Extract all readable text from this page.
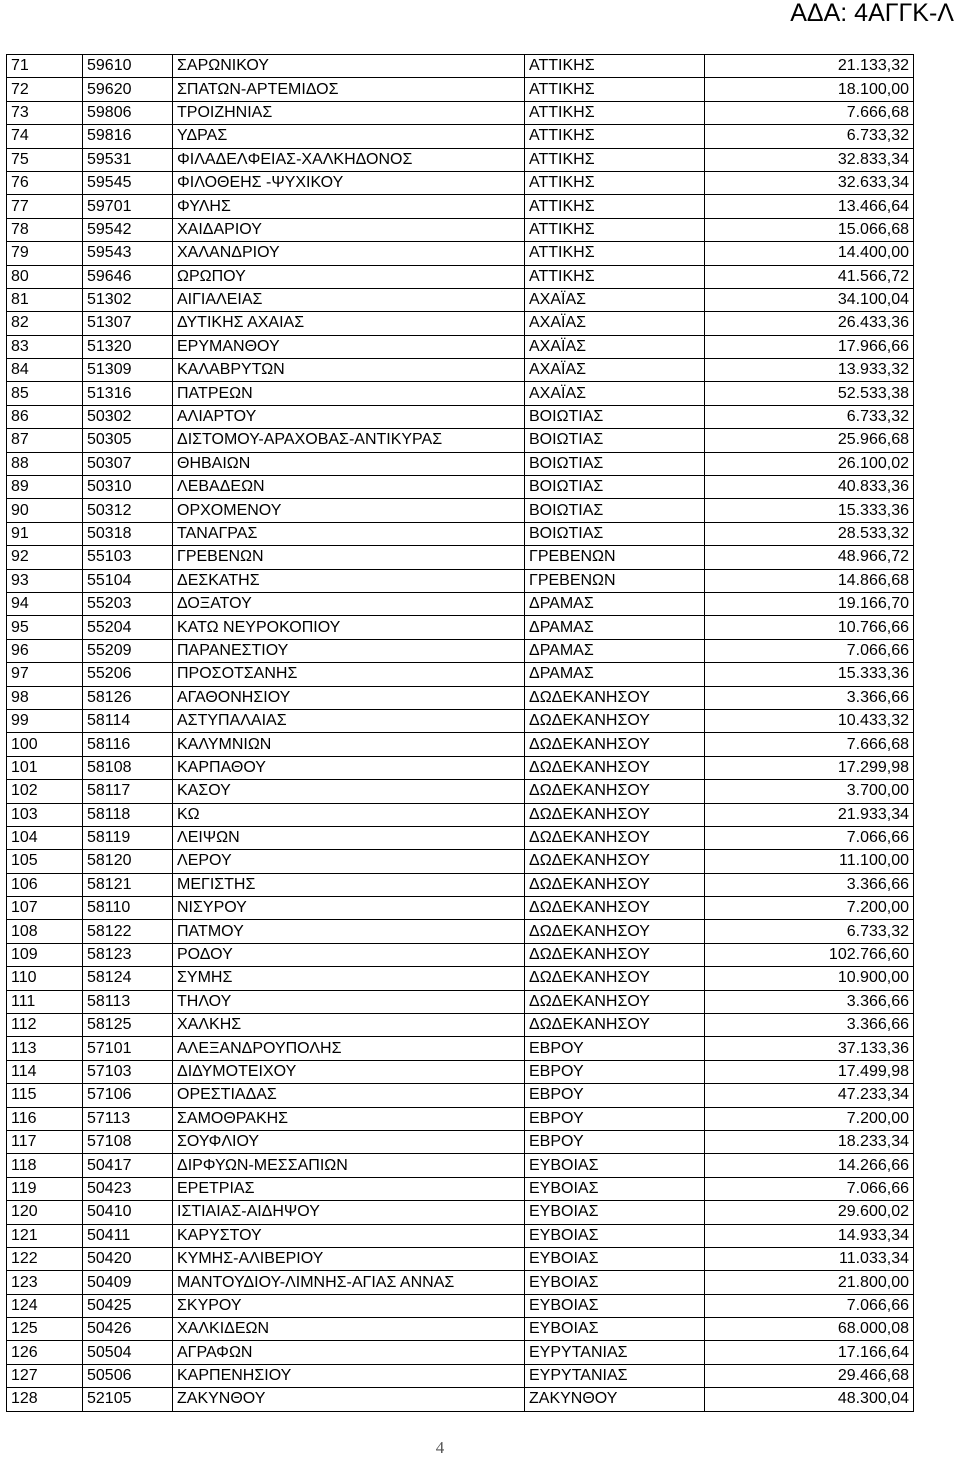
ΑΔΑ: 4ΑΓΓΚ-Λ
71	59610	ΣΑΡΩΝΙΚΟΥ	ΑΤΤΙΚΗΣ	21.133,32
72	59620	ΣΠΑΤΩΝ-ΑΡΤΕΜΙΔΟΣ	ΑΤΤΙΚΗΣ	18.100,00
73	59806	ΤΡΟΙΖΗΝΙΑΣ	ΑΤΤΙΚΗΣ	7.666,68
74	59816	ΥΔΡΑΣ	ΑΤΤΙΚΗΣ	6.733,32
75	59531	ΦΙΛΑΔΕΛΦΕΙΑΣ-ΧΑΛΚΗΔΟΝΟΣ	ΑΤΤΙΚΗΣ	32.833,34
76	59545	ΦΙΛΟΘΕΗΣ -ΨΥΧΙΚΟΥ	ΑΤΤΙΚΗΣ	32.633,34
77	59701	ΦΥΛΗΣ	ΑΤΤΙΚΗΣ	13.466,64
78	59542	ΧΑΙΔΑΡΙΟΥ	ΑΤΤΙΚΗΣ	15.066,68
79	59543	ΧΑΛΑΝΔΡΙΟΥ	ΑΤΤΙΚΗΣ	14.400,00
80	59646	ΩΡΩΠΟΥ	ΑΤΤΙΚΗΣ	41.566,72
81	51302	ΑΙΓΙΑΛΕΙΑΣ	ΑΧΑΪΑΣ	34.100,04
82	51307	ΔΥΤΙΚΗΣ ΑΧΑΙΑΣ	ΑΧΑΪΑΣ	26.433,36
83	51320	ΕΡΥΜΑΝΘΟΥ	ΑΧΑΪΑΣ	17.966,66
84	51309	ΚΑΛΑΒΡΥΤΩΝ	ΑΧΑΪΑΣ	13.933,32
85	51316	ΠΑΤΡΕΩΝ	ΑΧΑΪΑΣ	52.533,38
86	50302	ΑΛΙΑΡΤΟΥ	ΒΟΙΩΤΙΑΣ	6.733,32
87	50305	ΔΙΣΤΟΜΟΥ-ΑΡΑΧΟΒΑΣ-ΑΝΤΙΚΥΡΑΣ	ΒΟΙΩΤΙΑΣ	25.966,68
88	50307	ΘΗΒΑΙΩΝ	ΒΟΙΩΤΙΑΣ	26.100,02
89	50310	ΛΕΒΑΔΕΩΝ	ΒΟΙΩΤΙΑΣ	40.833,36
90	50312	ΟΡΧΟΜΕΝΟΥ	ΒΟΙΩΤΙΑΣ	15.333,36
91	50318	ΤΑΝΑΓΡΑΣ	ΒΟΙΩΤΙΑΣ	28.533,32
92	55103	ΓΡΕΒΕΝΩΝ	ΓΡΕΒΕΝΩΝ	48.966,72
93	55104	ΔΕΣΚΑΤΗΣ	ΓΡΕΒΕΝΩΝ	14.866,68
94	55203	ΔΟΞΑΤΟΥ	ΔΡΑΜΑΣ	19.166,70
95	55204	ΚΑΤΩ ΝΕΥΡΟΚΟΠΙΟΥ	ΔΡΑΜΑΣ	10.766,66
96	55209	ΠΑΡΑΝΕΣΤΙΟΥ	ΔΡΑΜΑΣ	7.066,66
97	55206	ΠΡΟΣΟΤΣΑΝΗΣ	ΔΡΑΜΑΣ	15.333,36
98	58126	ΑΓΑΘΟΝΗΣΙΟΥ	ΔΩΔΕΚΑΝΗΣΟΥ	3.366,66
99	58114	ΑΣΤΥΠΑΛΑΙΑΣ	ΔΩΔΕΚΑΝΗΣΟΥ	10.433,32
100	58116	ΚΑΛΥΜΝΙΩΝ	ΔΩΔΕΚΑΝΗΣΟΥ	7.666,68
101	58108	ΚΑΡΠΑΘΟΥ	ΔΩΔΕΚΑΝΗΣΟΥ	17.299,98
102	58117	ΚΑΣΟΥ	ΔΩΔΕΚΑΝΗΣΟΥ	3.700,00
103	58118	ΚΩ	ΔΩΔΕΚΑΝΗΣΟΥ	21.933,34
104	58119	ΛΕΙΨΩΝ	ΔΩΔΕΚΑΝΗΣΟΥ	7.066,66
105	58120	ΛΕΡΟΥ	ΔΩΔΕΚΑΝΗΣΟΥ	11.100,00
106	58121	ΜΕΓΙΣΤΗΣ	ΔΩΔΕΚΑΝΗΣΟΥ	3.366,66
107	58110	ΝΙΣΥΡΟΥ	ΔΩΔΕΚΑΝΗΣΟΥ	7.200,00
108	58122	ΠΑΤΜΟΥ	ΔΩΔΕΚΑΝΗΣΟΥ	6.733,32
109	58123	ΡΟΔΟΥ	ΔΩΔΕΚΑΝΗΣΟΥ	102.766,60
110	58124	ΣΥΜΗΣ	ΔΩΔΕΚΑΝΗΣΟΥ	10.900,00
111	58113	ΤΗΛΟΥ	ΔΩΔΕΚΑΝΗΣΟΥ	3.366,66
112	58125	ΧΑΛΚΗΣ	ΔΩΔΕΚΑΝΗΣΟΥ	3.366,66
113	57101	ΑΛΕΞΑΝΔΡΟΥΠΟΛΗΣ	ΕΒΡΟΥ	37.133,36
114	57103	ΔΙΔΥΜΟΤΕΙΧΟΥ	ΕΒΡΟΥ	17.499,98
115	57106	ΟΡΕΣΤΙΑΔΑΣ	ΕΒΡΟΥ	47.233,34
116	57113	ΣΑΜΟΘΡΑΚΗΣ	ΕΒΡΟΥ	7.200,00
117	57108	ΣΟΥΦΛΙΟΥ	ΕΒΡΟΥ	18.233,34
118	50417	ΔΙΡΦΥΩΝ-ΜΕΣΣΑΠΙΩΝ	ΕΥΒΟΙΑΣ	14.266,66
119	50423	ΕΡΕΤΡΙΑΣ	ΕΥΒΟΙΑΣ	7.066,66
120	50410	ΙΣΤΙΑΙΑΣ-ΑΙΔΗΨΟΥ	ΕΥΒΟΙΑΣ	29.600,02
121	50411	ΚΑΡΥΣΤΟΥ	ΕΥΒΟΙΑΣ	14.933,34
122	50420	ΚΥΜΗΣ-ΑΛΙΒΕΡΙΟΥ	ΕΥΒΟΙΑΣ	11.033,34
123	50409	ΜΑΝΤΟΥΔΙΟΥ-ΛΙΜΝΗΣ-ΑΓΙΑΣ ΑΝΝΑΣ	ΕΥΒΟΙΑΣ	21.800,00
124	50425	ΣΚΥΡΟΥ	ΕΥΒΟΙΑΣ	7.066,66
125	50426	ΧΑΛΚΙΔΕΩΝ	ΕΥΒΟΙΑΣ	68.000,08
126	50504	ΑΓΡΑΦΩΝ	ΕΥΡΥΤΑΝΙΑΣ	17.166,64
127	50506	ΚΑΡΠΕΝΗΣΙΟΥ	ΕΥΡΥΤΑΝΙΑΣ	29.466,68
128	52105	ΖΑΚΥΝΘΟΥ	ΖΑΚΥΝΘΟΥ	48.300,04
4
